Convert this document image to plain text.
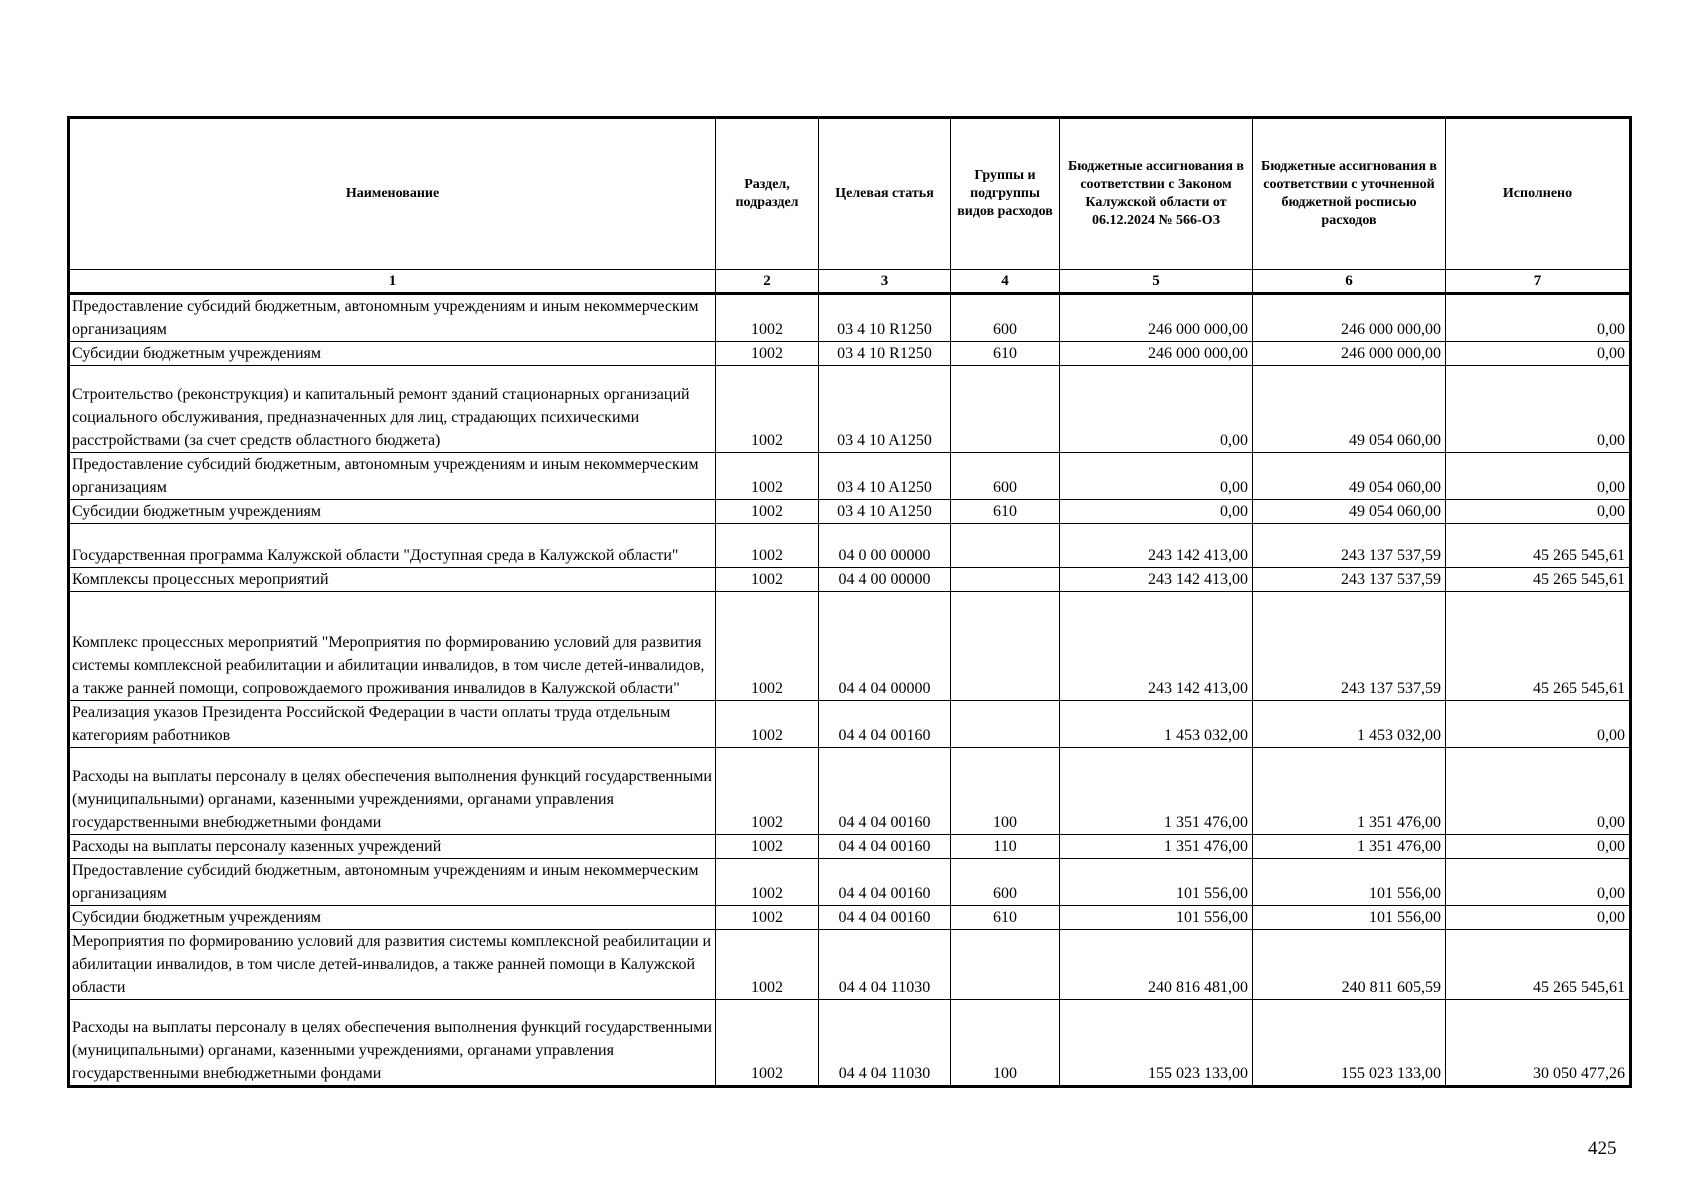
Наименование	Раздел, подраздел	Целевая статья	Группы и подгруппы видов расходов	Бюджетные ассигнования в соответствии с Законом Калужской области от 06.12.2024 № 566-ОЗ	Бюджетные ассигнования в соответствии с уточненной бюджетной росписью расходов	Исполнено
1	2	3	4	5	6	7
Предоставление субсидий бюджетным, автономным учреждениям и иным некоммерческим организациям	1002	03 4 10 R1250	600	246 000 000,00	246 000 000,00	0,00
Субсидии бюджетным учреждениям	1002	03 4 10 R1250	610	246 000 000,00	246 000 000,00	0,00
Строительство (реконструкция) и капитальный ремонт зданий стационарных организаций социального обслуживания, предназначенных для лиц, страдающих психическими расстройствами (за счет средств областного бюджета)	1002	03 4 10 A1250		0,00	49 054 060,00	0,00
Предоставление субсидий бюджетным, автономным учреждениям и иным некоммерческим организациям	1002	03 4 10 A1250	600	0,00	49 054 060,00	0,00
Субсидии бюджетным учреждениям	1002	03 4 10 A1250	610	0,00	49 054 060,00	0,00
Государственная программа Калужской области "Доступная среда в Калужской области"	1002	04 0 00 00000		243 142 413,00	243 137 537,59	45 265 545,61
Комплексы процессных мероприятий	1002	04 4 00 00000		243 142 413,00	243 137 537,59	45 265 545,61
Комплекс процессных мероприятий "Мероприятия по формированию условий для развития системы комплексной реабилитации и абилитации инвалидов, в том числе детей-инвалидов, а также ранней помощи, сопровождаемого проживания инвалидов в Калужской области"	1002	04 4 04 00000		243 142 413,00	243 137 537,59	45 265 545,61
Реализация указов Президента Российской Федерации в части оплаты труда отдельным категориям работников	1002	04 4 04 00160		1 453 032,00	1 453 032,00	0,00
Расходы на выплаты персоналу в целях обеспечения выполнения функций государственными (муниципальными) органами, казенными учреждениями, органами управления государственными внебюджетными фондами	1002	04 4 04 00160	100	1 351 476,00	1 351 476,00	0,00
Расходы на выплаты персоналу казенных учреждений	1002	04 4 04 00160	110	1 351 476,00	1 351 476,00	0,00
Предоставление субсидий бюджетным, автономным учреждениям и иным некоммерческим организациям	1002	04 4 04 00160	600	101 556,00	101 556,00	0,00
Субсидии бюджетным учреждениям	1002	04 4 04 00160	610	101 556,00	101 556,00	0,00
Мероприятия по формированию условий для развития системы комплексной реабилитации и абилитации инвалидов, в том числе детей-инвалидов, а также ранней помощи в Калужской области	1002	04 4 04 11030		240 816 481,00	240 811 605,59	45 265 545,61
Расходы на выплаты персоналу в целях обеспечения выполнения функций государственными (муниципальными) органами, казенными учреждениями, органами управления государственными внебюджетными фондами	1002	04 4 04 11030	100	155 023 133,00	155 023 133,00	30 050 477,26
425
